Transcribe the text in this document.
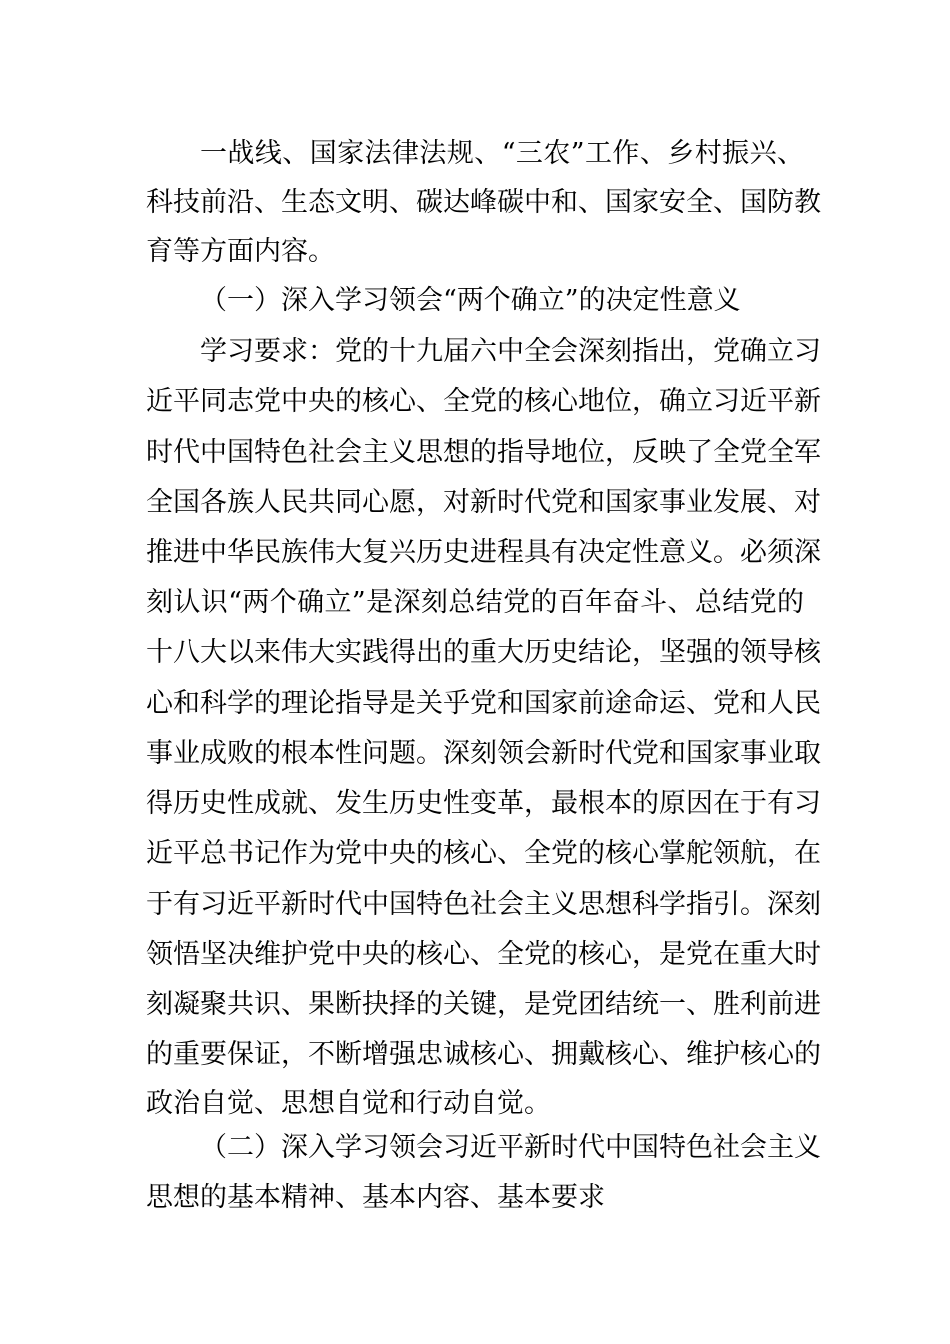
一战线、国家法律法规、“三农”工作、乡村振兴、
科技前沿、生态文明、碳达峰碳中和、国家安全、国防教
育等方面内容。
（一）深入学习领会“两个确立”的决定性意义
学习要求：党的十九届六中全会深刻指出，党确立习
近平同志党中央的核心、全党的核心地位，确立习近平新
时代中国特色社会主义思想的指导地位，反映了全党全军
全国各族人民共同心愿，对新时代党和国家事业发展、对
推进中华民族伟大复兴历史进程具有决定性意义。必须深
刻认识“两个确立”是深刻总结党的百年奋斗、总结党的
十八大以来伟大实践得出的重大历史结论，坚强的领导核
心和科学的理论指导是关乎党和国家前途命运、党和人民
事业成败的根本性问题。深刻领会新时代党和国家事业取
得历史性成就、发生历史性变革，最根本的原因在于有习
近平总书记作为党中央的核心、全党的核心掌舵领航，在
于有习近平新时代中国特色社会主义思想科学指引。深刻
领悟坚决维护党中央的核心、全党的核心，是党在重大时
刻凝聚共识、果断抉择的关键，是党团结统一、胜利前进
的重要保证，不断增强忠诚核心、拥戴核心、维护核心的
政治自觉、思想自觉和行动自觉。
（二）深入学习领会习近平新时代中国特色社会主义
思想的基本精神、基本内容、基本要求
